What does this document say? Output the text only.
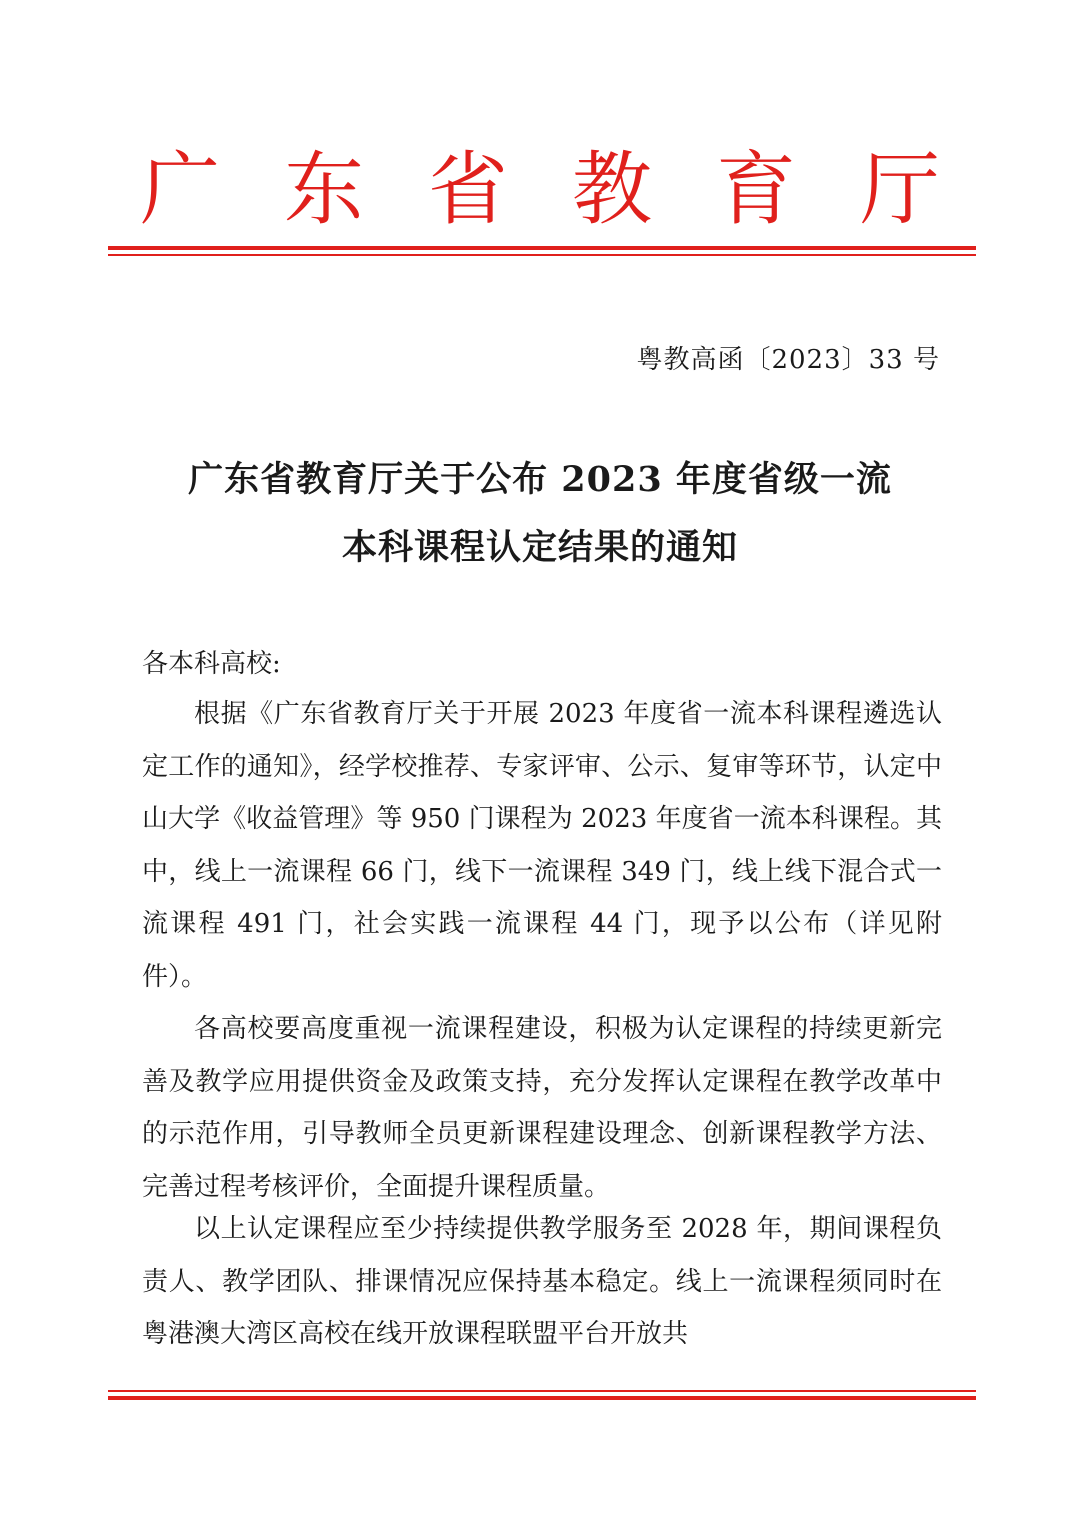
广 东 省 教 育 厅
粤教高函〔2023〕33 号
广东省教育厅关于公布 2023 年度省级一流
本科课程认定结果的通知
各本科高校:

根据《广东省教育厅关于开展 2023 年度省一流本科课程遴选认定工作的通知》，经学校推荐、专家评审、公示、复审等环节，认定中山大学《收益管理》等 950 门课程为 2023 年度省一流本科课程。其中，线上一流课程 66 门，线下一流课程 349 门，线上线下混合式一流课程 491 门，社会实践一流课程 44 门，现予以公布（详见附件）。

各高校要高度重视一流课程建设，积极为认定课程的持续更新完善及教学应用提供资金及政策支持，充分发挥认定课程在教学改革中的示范作用，引导教师全员更新课程建设理念、创新课程教学方法、完善过程考核评价，全面提升课程质量。

以上认定课程应至少持续提供教学服务至 2028 年，期间课程负责人、教学团队、排课情况应保持基本稳定。线上一流课程须同时在粤港澳大湾区高校在线开放课程联盟平台开放共
